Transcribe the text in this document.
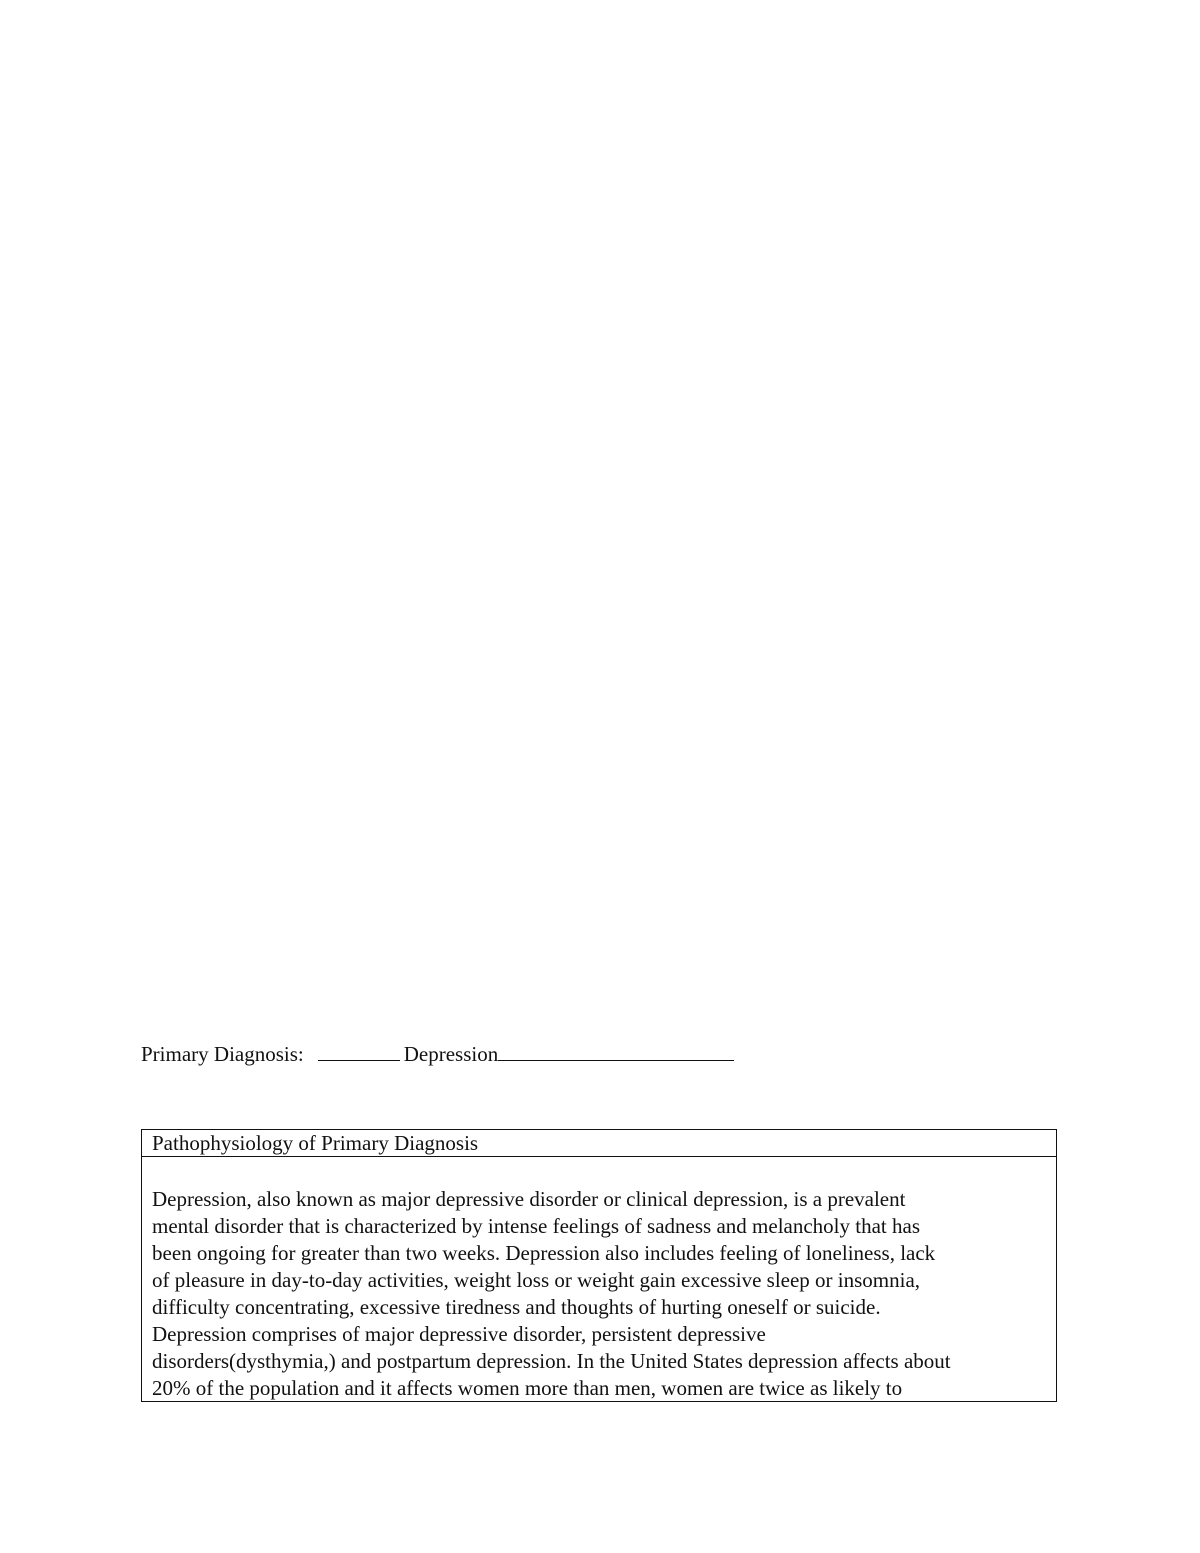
Primary Diagnosis:	Depression
Pathophysiology of Primary Diagnosis
Depression, also known as major depressive disorder or clinical depression, is a prevalent
mental disorder that is characterized by intense feelings of sadness and melancholy that has
been ongoing for greater than two weeks. Depression also includes feeling of loneliness, lack
of pleasure in day-to-day activities, weight loss or weight gain excessive sleep or insomnia,
difficulty concentrating, excessive tiredness and thoughts of hurting oneself or suicide.
Depression comprises of major depressive disorder, persistent depressive
disorders(dysthymia,) and postpartum depression. In the United States depression affects about
20% of the population and it affects women more than men, women are twice as likely to
